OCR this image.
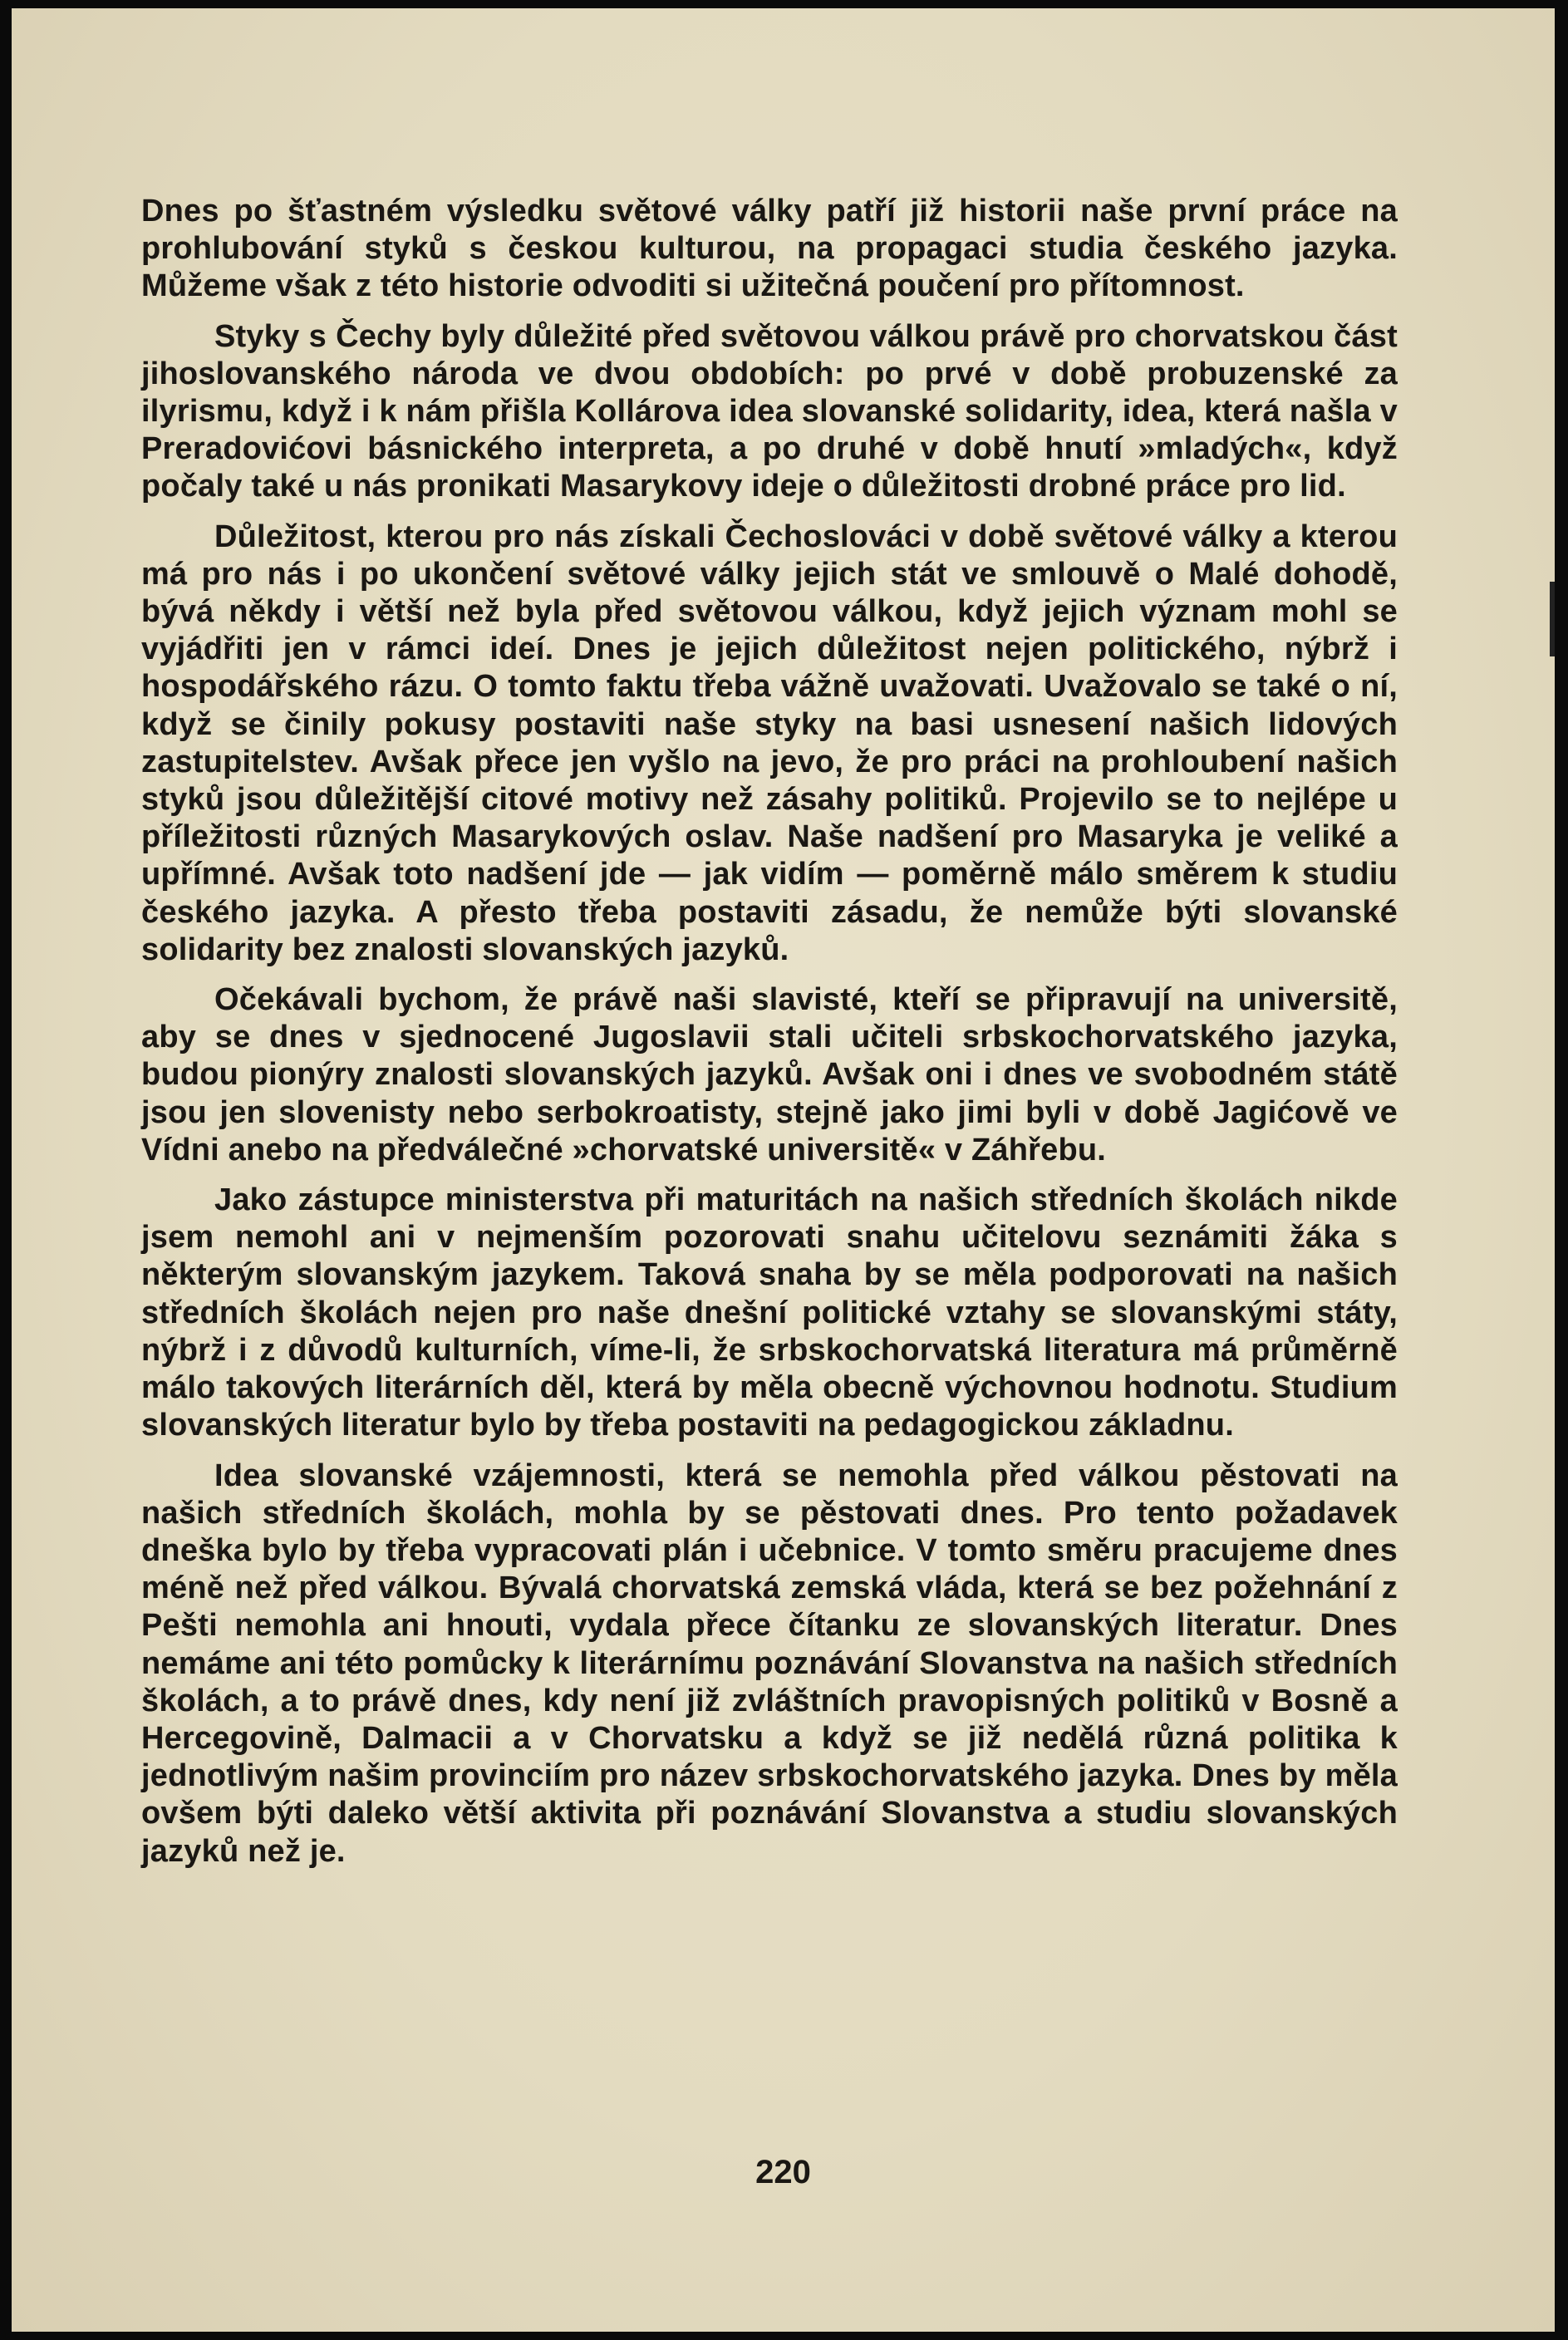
Dnes po šťastném výsledku světové války patří již historii naše první práce na prohlubování styků s českou kulturou, na propagaci studia českého jazyka. Můžeme však z této historie odvoditi si užitečná poučení pro přítomnost.

Styky s Čechy byly důležité před světovou válkou právě pro chorvatskou část jihoslovanského národa ve dvou obdobích: po prvé v době probuzenské za ilyrismu, když i k nám přišla Kollárova idea slovanské solidarity, idea, která našla v Preradovićovi básnického interpreta, a po druhé v době hnutí »mladých«, když počaly také u nás pronikati Masarykovy ideje o důležitosti drobné práce pro lid.

Důležitost, kterou pro nás získali Čechoslováci v době světové války a kterou má pro nás i po ukončení světové války jejich stát ve smlouvě o Malé dohodě, bývá někdy i větší než byla před světovou válkou, když jejich význam mohl se vyjádřiti jen v rámci ideí. Dnes je jejich důležitost nejen politického, nýbrž i hospodářského rázu. O tomto faktu třeba vážně uvažovati. Uvažovalo se také o ní, když se činily pokusy postaviti naše styky na basi usnesení našich lidových zastupitelstev. Avšak přece jen vyšlo na jevo, že pro práci na prohloubení našich styků jsou důležitější citové motivy než zásahy politiků. Projevilo se to nejlépe u příležitosti různých Masarykových oslav. Naše nadšení pro Masaryka je veliké a upřímné. Avšak toto nadšení jde — jak vidím — poměrně málo směrem k studiu českého jazyka. A přesto třeba postaviti zásadu, že nemůže býti slovanské solidarity bez znalosti slovanských jazyků.

Očekávali bychom, že právě naši slavisté, kteří se připravují na universitě, aby se dnes v sjednocené Jugoslavii stali učiteli srbskochorvatského jazyka, budou pionýry znalosti slovanských jazyků. Avšak oni i dnes ve svobodném státě jsou jen slovenisty nebo serbokroatisty, stejně jako jimi byli v době Jagićově ve Vídni anebo na předválečné »chorvatské universitě« v Záhřebu.

Jako zástupce ministerstva při maturitách na našich středních školách nikde jsem nemohl ani v nejmenším pozorovati snahu učitelovu seznámiti žáka s některým slovanským jazykem. Taková snaha by se měla podporovati na našich středních školách nejen pro naše dnešní politické vztahy se slovanskými státy, nýbrž i z důvodů kulturních, víme-li, že srbskochorvatská literatura má průměrně málo takových literárních děl, která by měla obecně výchovnou hodnotu. Studium slovanských literatur bylo by třeba postaviti na pedagogickou základnu.

Idea slovanské vzájemnosti, která se nemohla před válkou pěstovati na našich středních školách, mohla by se pěstovati dnes. Pro tento požadavek dneška bylo by třeba vypracovati plán i učebnice. V tomto směru pracujeme dnes méně než před válkou. Bývalá chorvatská zemská vláda, která se bez požehnání z Pešti nemohla ani hnouti, vydala přece čítanku ze slovanských literatur. Dnes nemáme ani této pomůcky k literárnímu poznávání Slovanstva na našich středních školách, a to právě dnes, kdy není již zvláštních pravopisných politiků v Bosně a Hercegovině, Dalmacii a v Chorvatsku a když se již nedělá různá politika k jednotlivým našim provinciím pro název srbskochorvatského jazyka. Dnes by měla ovšem býti daleko větší aktivita při poznávání Slovanstva a studiu slovanských jazyků než je.

220
